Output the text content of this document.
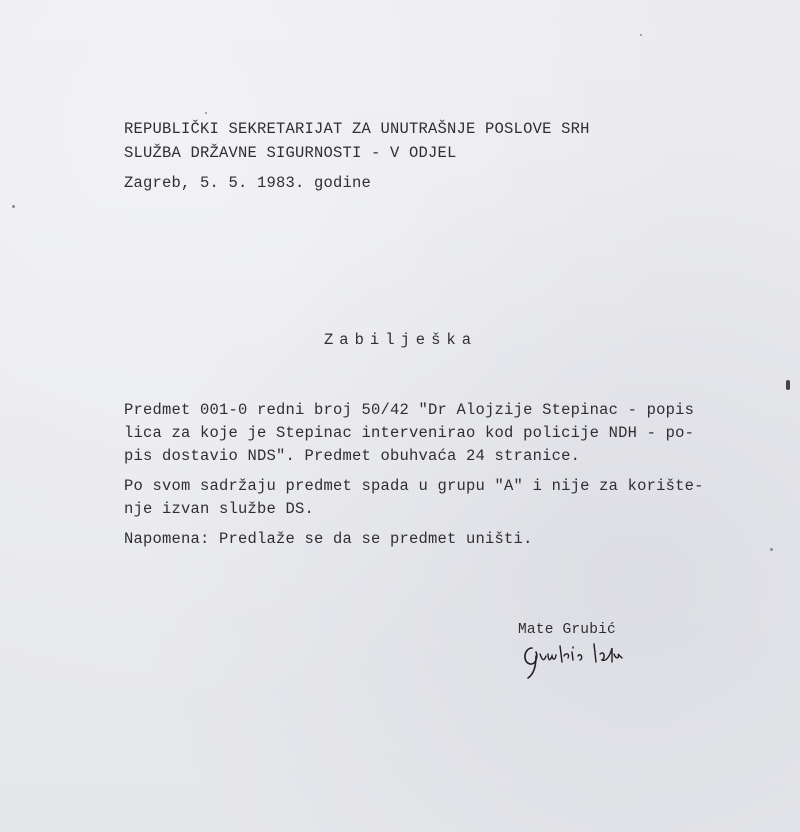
REPUBLIČKI SEKRETARIJAT ZA UNUTRAŠNJE POSLOVE SRH
SLUŽBA DRŽAVNE SIGURNOSTI - V ODJEL
Zagreb, 5. 5. 1983. godine
Zabilješka
Predmet 001-0 redni broj 50/42 "Dr Alojzije Stepinac - popis
lica za koje je Stepinac intervenirao kod policije NDH - po-
pis dostavio NDS". Predmet obuhvaća 24 stranice.
Po svom sadržaju predmet spada u grupu "A" i nije za korište-
nje izvan službe DS.
Napomena: Predlaže se da se predmet uništi.
Mate Grubić
